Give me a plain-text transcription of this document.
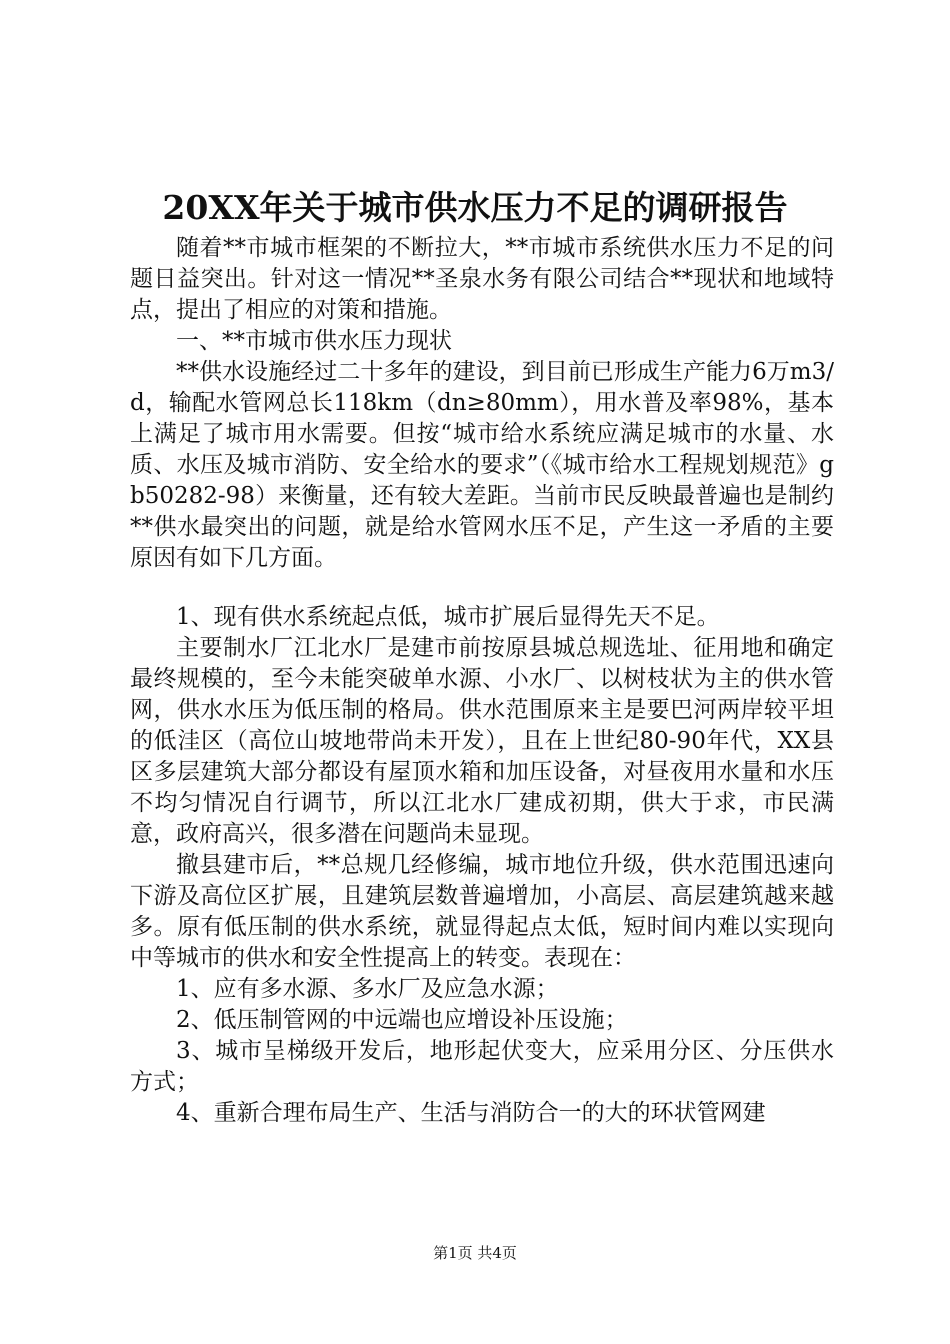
20XX年关于城市供水压力不足的调研报告

随着**市城市框架的不断拉大，**市城市系统供水压力不足的问题日益突出。针对这一情况**圣泉水务有限公司结合**现状和地域特点，提出了相应的对策和措施。

一、**市城市供水压力现状

**供水设施经过二十多年的建设，到目前已形成生产能力6万m3/d，输配水管网总长118km（dn≥80mm），用水普及率98%，基本上满足了城市用水需要。但按“城市给水系统应满足城市的水量、水质、水压及城市消防、安全给水的要求”（《城市给水工程规划规范》gb50282-98）来衡量，还有较大差距。当前市民反映最普遍也是制约**供水最突出的问题，就是给水管网水压不足，产生这一矛盾的主要原因有如下几方面。

1、现有供水系统起点低，城市扩展后显得先天不足。

主要制水厂江北水厂是建市前按原县城总规选址、征用地和确定最终规模的，至今未能突破单水源、小水厂、以树枝状为主的供水管网，供水水压为低压制的格局。供水范围原来主是要巴河两岸较平坦的低洼区（高位山坡地带尚未开发），且在上世纪80-90年代，XX县区多层建筑大部分都设有屋顶水箱和加压设备，对昼夜用水量和水压不均匀情况自行调节，所以江北水厂建成初期，供大于求，市民满意，政府高兴，很多潜在问题尚未显现。

撤县建市后，**总规几经修编，城市地位升级，供水范围迅速向下游及高位区扩展，且建筑层数普遍增加，小高层、高层建筑越来越多。原有低压制的供水系统，就显得起点太低，短时间内难以实现向中等城市的供水和安全性提高上的转变。表现在：

1、应有多水源、多水厂及应急水源；

2、低压制管网的中远端也应增设补压设施；

3、城市呈梯级开发后，地形起伏变大，应采用分区、分压供水方式；

4、重新合理布局生产、生活与消防合一的大的环状管网建

第1页 共4页
